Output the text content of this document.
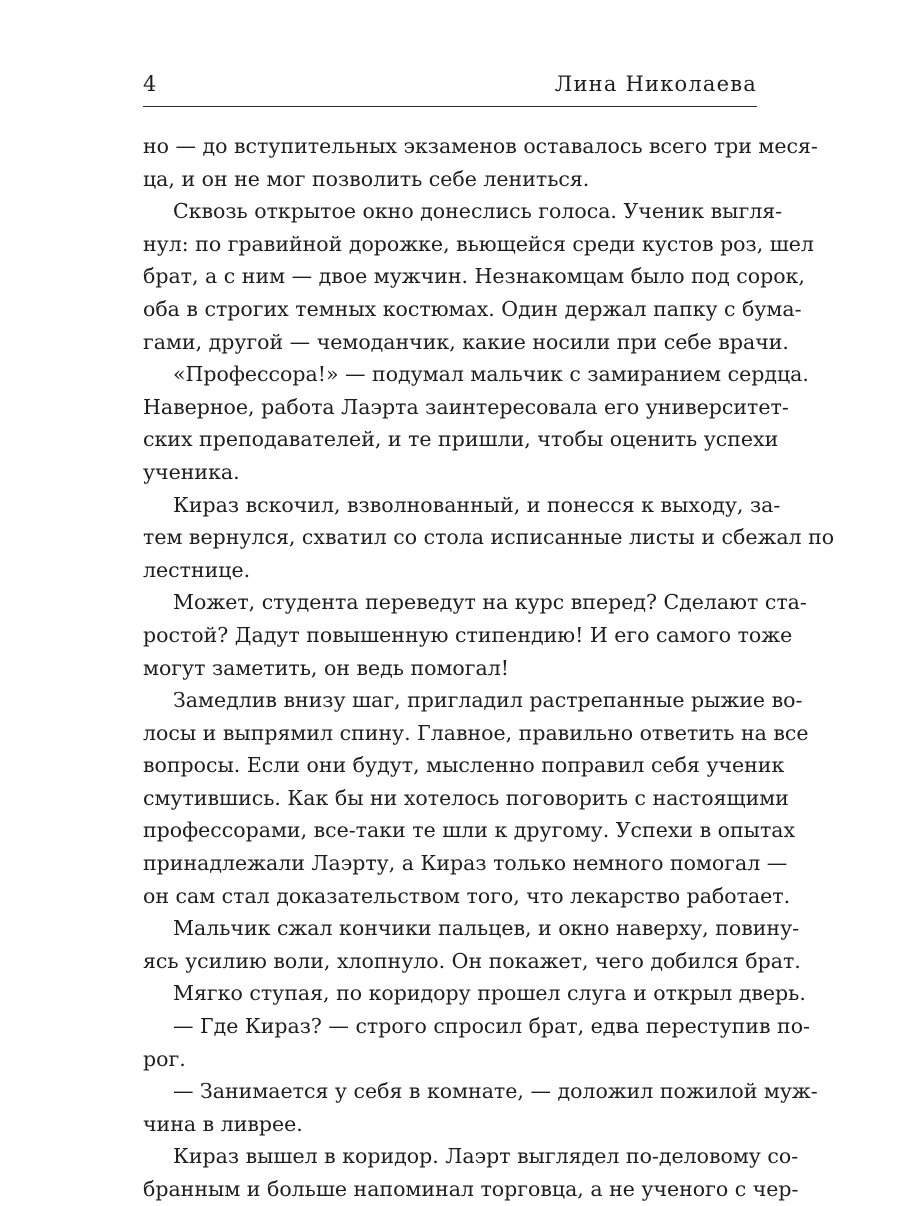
4	Лина Николаева
но — до вступительных экзаменов оставалось всего три меся-
ца, и он не мог позволить себе лениться.
Сквозь открытое окно донеслись голоса. Ученик выгля-
нул: по гравийной дорожке, вьющейся среди кустов роз, шел
брат, а с ним — двое мужчин. Незнакомцам было под сорок,
оба в строгих темных костюмах. Один держал папку с бума-
гами, другой — чемоданчик, какие носили при себе врачи.
«Профессора!» — подумал мальчик с замиранием сердца.
Наверное, работа Лаэрта заинтересовала его университет-
ских преподавателей, и те пришли, чтобы оценить успехи
ученика.
Кираз вскочил, взволнованный, и понесся к выходу, за-
тем вернулся, схватил со стола исписанные листы и сбежал по
лестнице.
Может, студента переведут на курс вперед? Сделают ста-
ростой? Дадут повышенную стипендию! И его самого тоже
могут заметить, он ведь помогал!
Замедлив внизу шаг, пригладил растрепанные рыжие во-
лосы и выпрямил спину. Главное, правильно ответить на все
вопросы. Если они будут, мысленно поправил себя ученик
смутившись. Как бы ни хотелось поговорить с настоящими
профессорами, все-таки те шли к другому. Успехи в опытах
принадлежали Лаэрту, а Кираз только немного помогал —
он сам стал доказательством того, что лекарство работает.
Мальчик сжал кончики пальцев, и окно наверху, повину-
ясь усилию воли, хлопнуло. Он покажет, чего добился брат.
Мягко ступая, по коридору прошел слуга и открыл дверь.
— Где Кираз? — строго спросил брат, едва переступив по-
рог.
— Занимается у себя в комнате, — доложил пожилой муж-
чина в ливрее.
Кираз вышел в коридор. Лаэрт выглядел по-деловому со-
бранным и больше напоминал торговца, а не ученого с чер-
